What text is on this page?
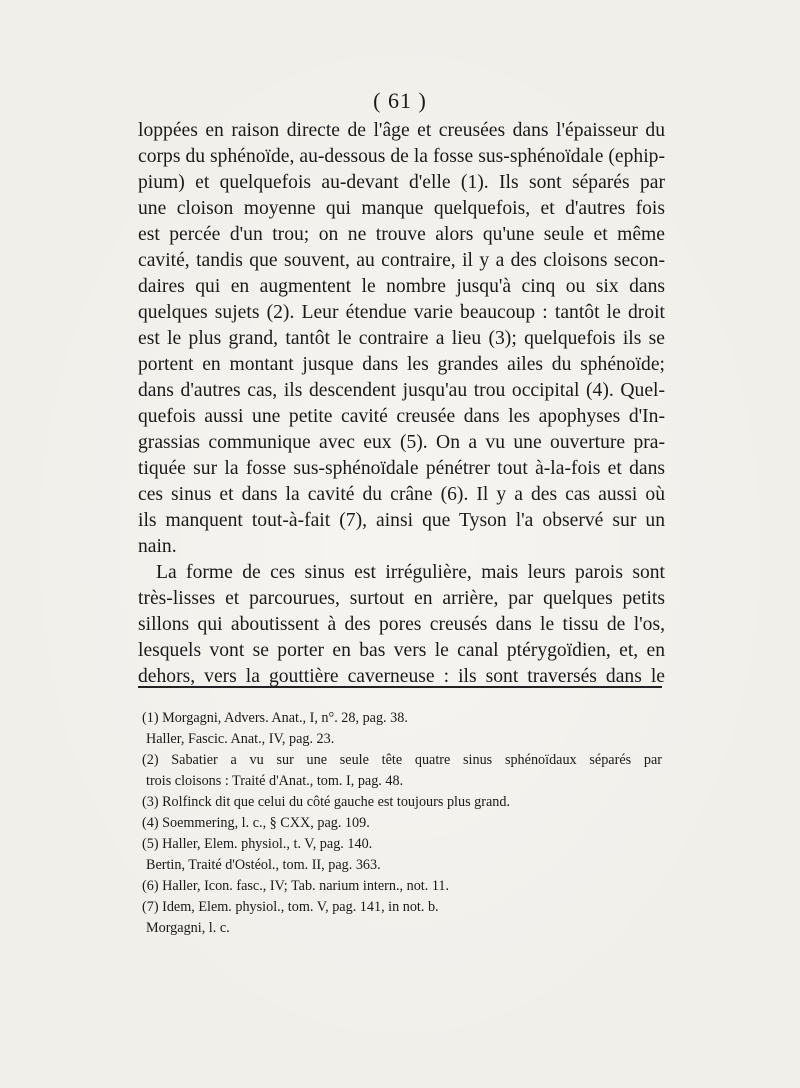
( 61 )
loppées en raison directe de l'âge et creusées dans l'épaisseur du
corps du sphénoïde, au-dessous de la fosse sus-sphénoïdale (ephip-
pium) et quelquefois au-devant d'elle (1). Ils sont séparés par
une cloison moyenne qui manque quelquefois, et d'autres fois
est percée d'un trou; on ne trouve alors qu'une seule et même
cavité, tandis que souvent, au contraire, il y a des cloisons secon-
daires qui en augmentent le nombre jusqu'à cinq ou six dans
quelques sujets (2). Leur étendue varie beaucoup : tantôt le droit
est le plus grand, tantôt le contraire a lieu (3); quelquefois ils se
portent en montant jusque dans les grandes ailes du sphénoïde;
dans d'autres cas, ils descendent jusqu'au trou occipital (4). Quel-
quefois aussi une petite cavité creusée dans les apophyses d'In-
grassias communique avec eux (5). On a vu une ouverture pra-
tiquée sur la fosse sus-sphénoïdale pénétrer tout à-la-fois et dans
ces sinus et dans la cavité du crâne (6). Il y a des cas aussi où
ils manquent tout-à-fait (7), ainsi que Tyson l'a observé sur un
nain.
La forme de ces sinus est irrégulière, mais leurs parois sont
très-lisses et parcourues, surtout en arrière, par quelques petits
sillons qui aboutissent à des pores creusés dans le tissu de l'os,
lesquels vont se porter en bas vers le canal ptérygoïdien, et, en
dehors, vers la gouttière caverneuse : ils sont traversés dans le
(1) Morgagni, Advers. Anat., I, n°. 28, pag. 38.
Haller, Fascic. Anat., IV, pag. 23.
(2) Sabatier a vu sur une seule tête quatre sinus sphénoïdaux séparés par
trois cloisons : Traité d'Anat., tom. I, pag. 48.
(3) Rolfinck dit que celui du côté gauche est toujours plus grand.
(4) Soemmering, l. c., § CXX, pag. 109.
(5) Haller, Elem. physiol., t. V, pag. 140.
Bertin, Traité d'Ostéol., tom. II, pag. 363.
(6) Haller, Icon. fasc., IV; Tab. narium intern., not. 11.
(7) Idem, Elem. physiol., tom. V, pag. 141, in not. b.
Morgagni, l. c.
